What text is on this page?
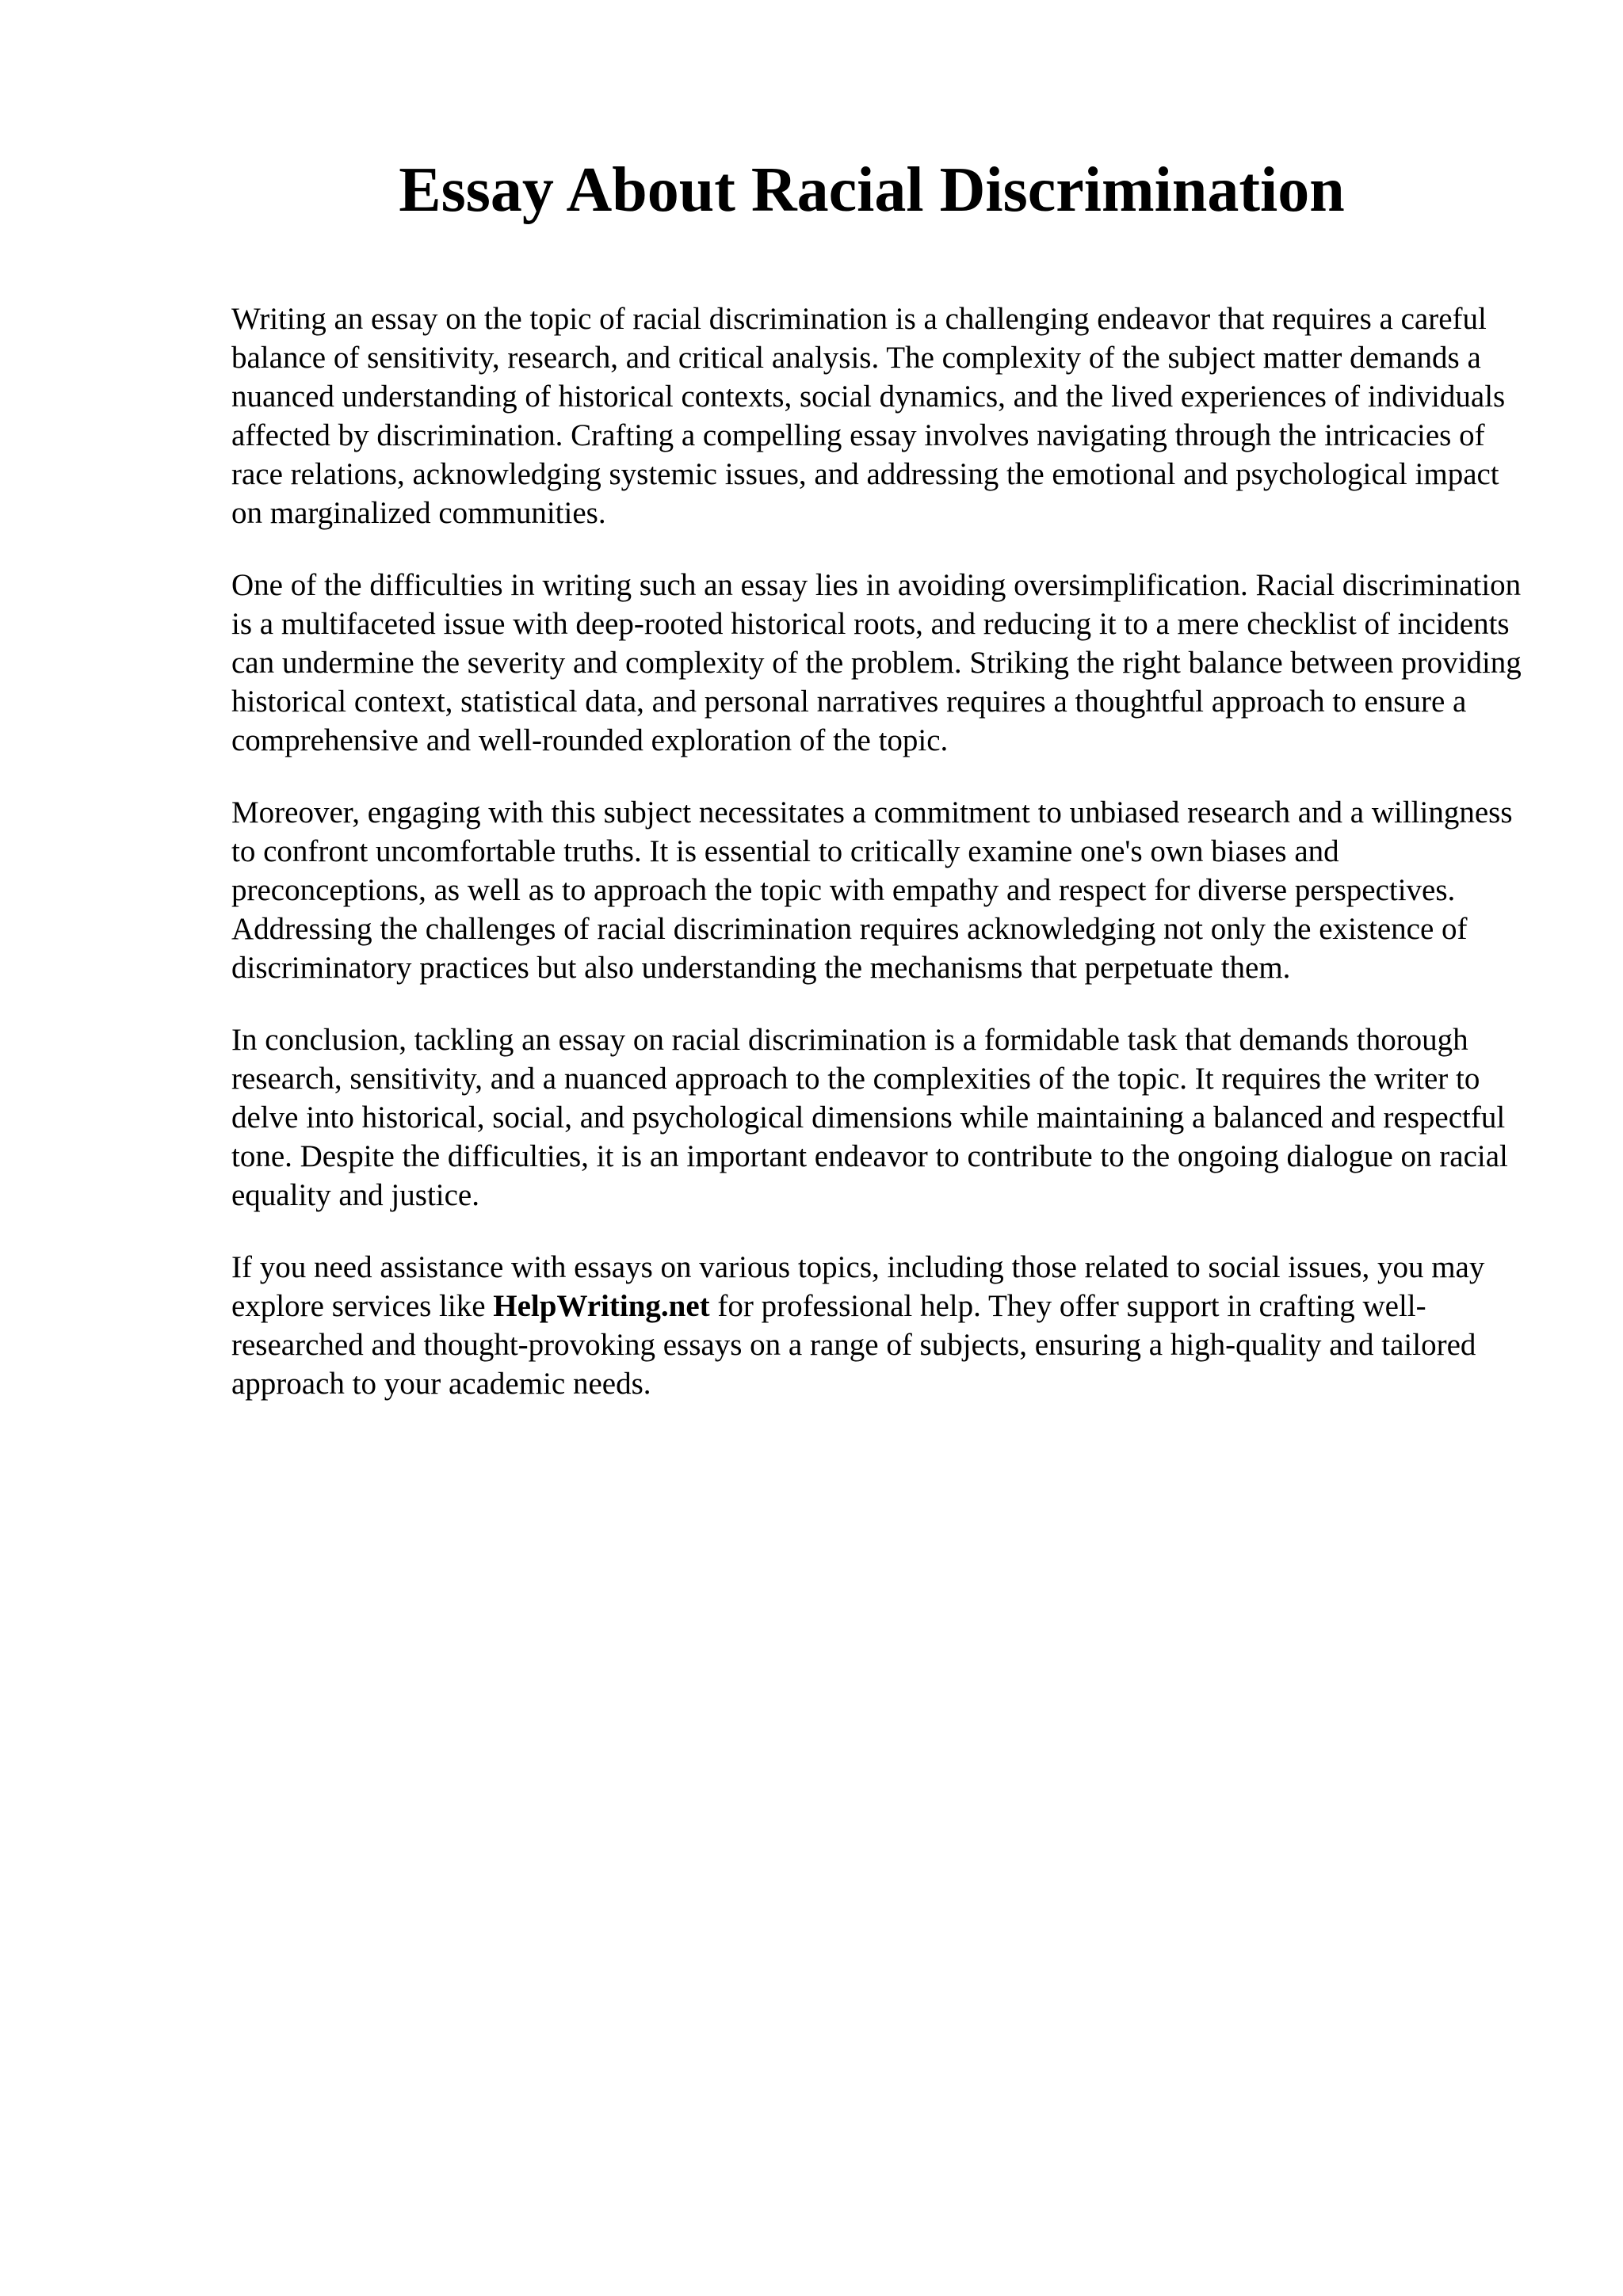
Essay About Racial Discrimination

Writing an essay on the topic of racial discrimination is a challenging endeavor that requires a careful balance of sensitivity, research, and critical analysis. The complexity of the subject matter demands a nuanced understanding of historical contexts, social dynamics, and the lived experiences of individuals affected by discrimination. Crafting a compelling essay involves navigating through the intricacies of race relations, acknowledging systemic issues, and addressing the emotional and psychological impact on marginalized communities.

One of the difficulties in writing such an essay lies in avoiding oversimplification. Racial discrimination is a multifaceted issue with deep-rooted historical roots, and reducing it to a mere checklist of incidents can undermine the severity and complexity of the problem. Striking the right balance between providing historical context, statistical data, and personal narratives requires a thoughtful approach to ensure a comprehensive and well-rounded exploration of the topic.

Moreover, engaging with this subject necessitates a commitment to unbiased research and a willingness to confront uncomfortable truths. It is essential to critically examine one's own biases and preconceptions, as well as to approach the topic with empathy and respect for diverse perspectives. Addressing the challenges of racial discrimination requires acknowledging not only the existence of discriminatory practices but also understanding the mechanisms that perpetuate them.

In conclusion, tackling an essay on racial discrimination is a formidable task that demands thorough research, sensitivity, and a nuanced approach to the complexities of the topic. It requires the writer to delve into historical, social, and psychological dimensions while maintaining a balanced and respectful tone. Despite the difficulties, it is an important endeavor to contribute to the ongoing dialogue on racial equality and justice.

If you need assistance with essays on various topics, including those related to social issues, you may explore services like HelpWriting.net for professional help. They offer support in crafting well-researched and thought-provoking essays on a range of subjects, ensuring a high-quality and tailored approach to your academic needs.
